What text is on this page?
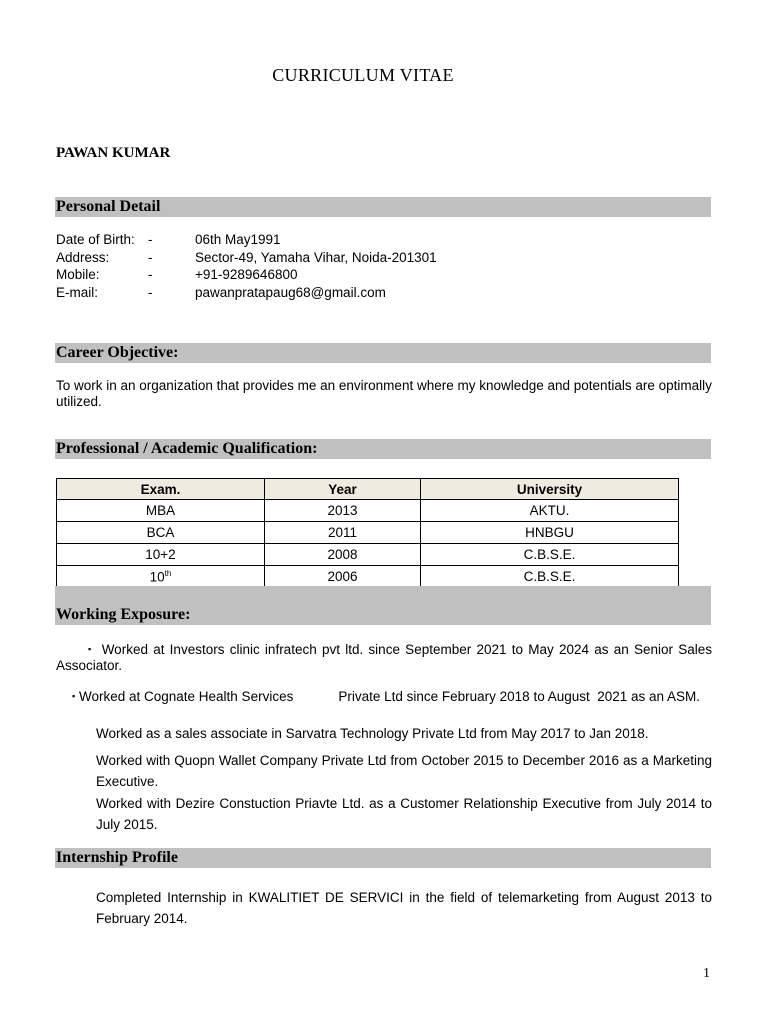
CURRICULUM VITAE
PAWAN KUMAR
Personal Detail
Date of Birth: -	06th May1991
Address:	-	Sector-49, Yamaha Vihar, Noida-201301
Mobile:	-	+91-9289646800
E-mail:	-	pawanpratapaug68@gmail.com
Career Objective:
To work in an organization that provides me an environment where my knowledge and potentials are optimally utilized.
Professional / Academic Qualification:
Exam.	Year	University
MBA	2013	AKTU.
BCA	2011	HNBGU
10+2	2008	C.B.S.E.
10th	2006	C.B.S.E.
Working Exposure:
▪ Worked at Investors clinic infratech pvt ltd. since September 2021 to May 2024 as an Senior Sales Associator.
▪ Worked at Cognate Health Services            Private Ltd since February 2018 to August  2021 as an ASM.
Worked as a sales associate in Sarvatra Technology Private Ltd from May 2017 to Jan 2018.
Worked with Quopn Wallet Company Private Ltd from October 2015 to December 2016 as a Marketing Executive.
Worked with Dezire Constuction Priavte Ltd. as a Customer Relationship Executive from July 2014 to July 2015.
Internship Profile
Completed Internship in KWALITIET DE SERVICI in the field of telemarketing from August 2013 to February 2014.
1
